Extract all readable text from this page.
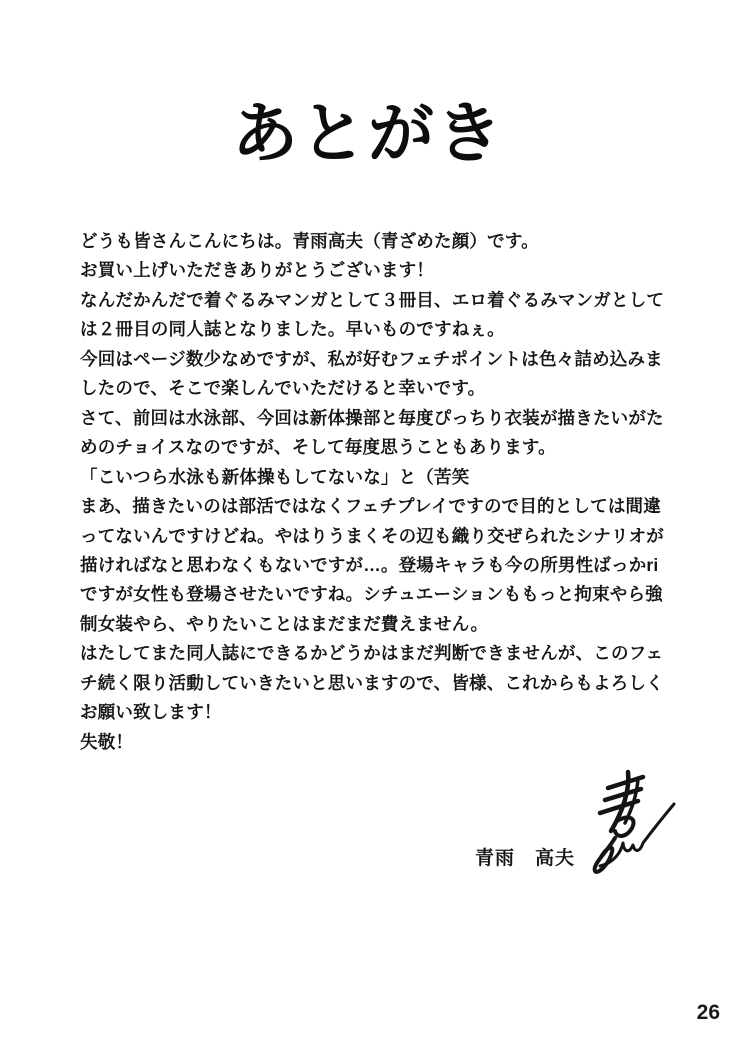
あとがき
どうも皆さんこんにちは。青雨高夫（青ざめた顔）です。
お買い上げいただきありがとうございます！
なんだかんだで着ぐるみマンガとして３冊目、エロ着ぐるみマンガとして
は２冊目の同人誌となりました。早いものですねぇ。
今回はページ数少なめですが、私が好むフェチポイントは色々詰め込みま
したので、そこで楽しんでいただけると幸いです。
さて、前回は水泳部、今回は新体操部と毎度ぴっちり衣装が描きたいがた
めのチョイスなのですが、そして毎度思うこともあります。
「こいつら水泳も新体操もしてないな」と（苦笑
まあ、描きたいのは部活ではなくフェチプレイですので目的としては間違
ってないんですけどね。やはりうまくその辺も織り交ぜられたシナリオが
描ければなと思わなくもないですが…。登場キャラも今の所男性ばっかri
ですが女性も登場させたいですね。シチュエーションももっと拘束やら強
制女装やら、やりたいことはまだまだ費えません。
はたしてまた同人誌にできるかどうかはまだ判断できませんが、このフェ
チ続く限り活動していきたいと思いますので、皆様、これからもよろしく
お願い致します！
失敬！
青雨　高夫
26
